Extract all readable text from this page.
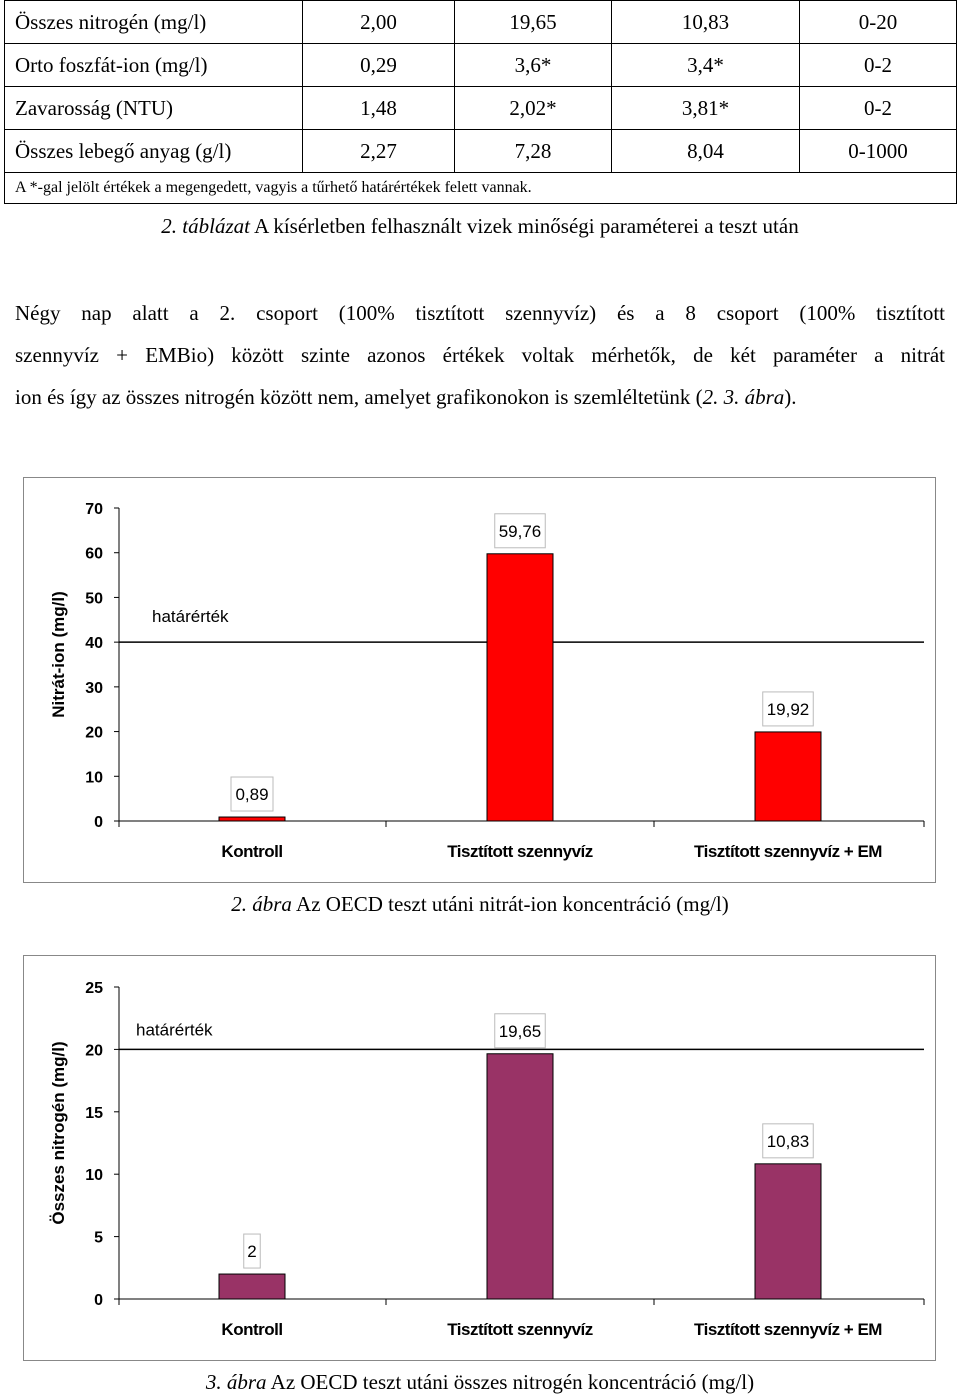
Összes nitrogén (mg/l)	2,00	19,65	10,83	0-20
Orto foszfát-ion (mg/l)	0,29	3,6*	3,4*	0-2
Zavarosság (NTU)	1,48	2,02*	3,81*	0-2
Összes lebegő anyag (g/l)	2,27	7,28	8,04	0-1000
A *-gal jelölt értékek a megengedett, vagyis a tűrhető határértékek felett vannak.				
2. táblázat A kísérletben felhasznált vizek minőségi paraméterei a teszt után
Négy nap alatt a 2. csoport (100% tisztított szennyvíz) és a 8 csoport (100% tisztított
szennyvíz + EMBio) között szinte azonos értékek voltak mérhetők, de két paraméter a nitrát
ion és így az összes nitrogén között nem, amelyet grafikonokon is szemléltetünk (2. 3. ábra).
0
10
20
30
40
50
60
70
Nitrát-ion (mg/l)	határérték
0,89
Kontroll
59,76
Tisztított szennyvíz
19,92
Tisztított szennyvíz + EM
2. ábra Az OECD teszt utáni nitrát-ion koncentráció (mg/l)
0
5
10
15
20
25
Összes nitrogén (mg/l)
határérték
2
Kontroll
19,65
Tisztított szennyvíz
10,83
Tisztított szennyvíz + EM
3. ábra Az OECD teszt utáni összes nitrogén koncentráció (mg/l)
